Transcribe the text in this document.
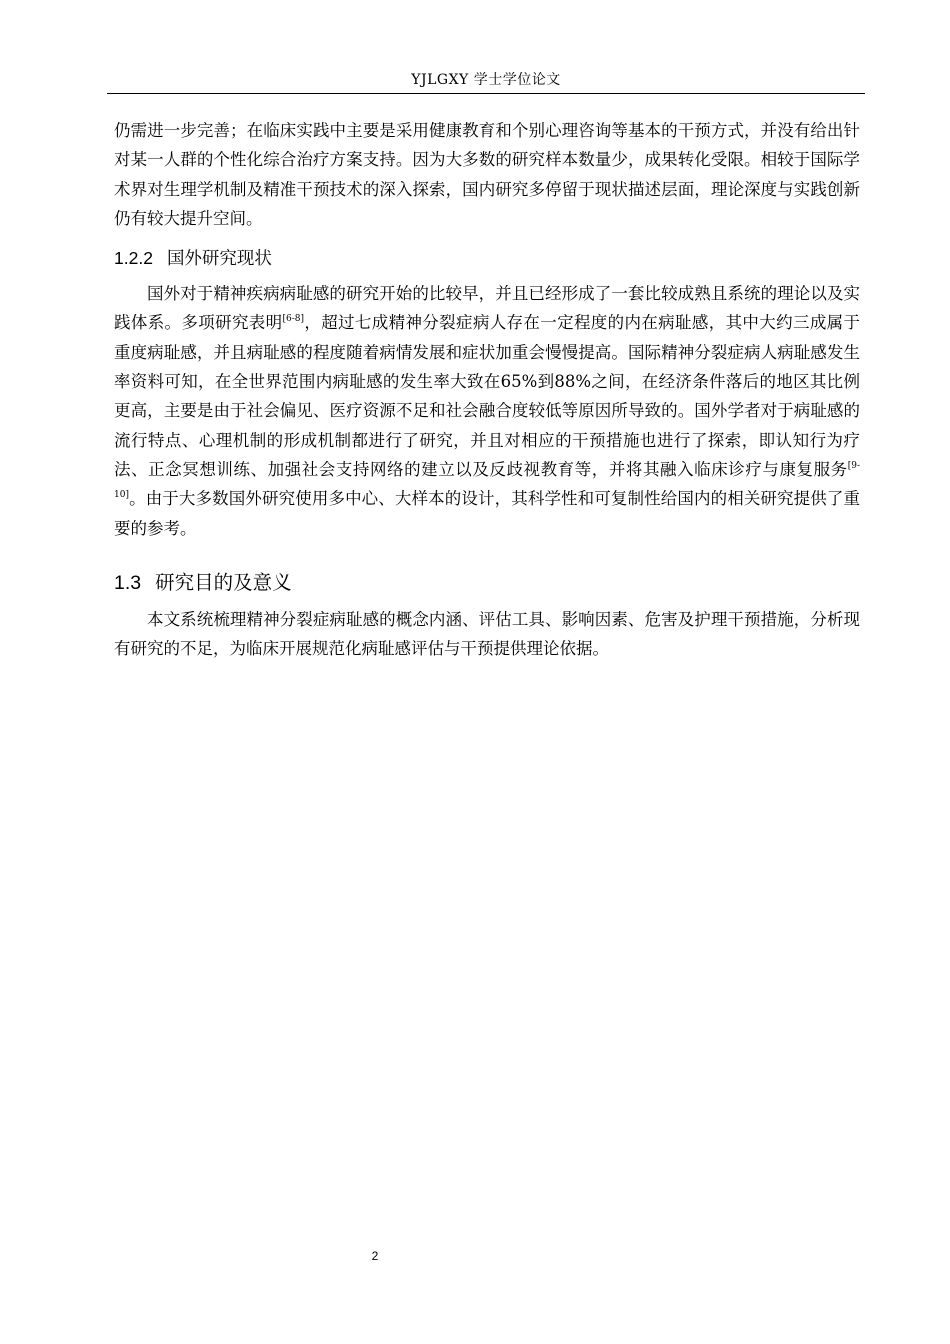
YJLGXY 学士学位论文

仍需进一步完善；在临床实践中主要是采用健康教育和个别心理咨询等基本的干预方式，并没有给出针对某一人群的个性化综合治疗方案支持。因为大多数的研究样本数量少，成果转化受限。相较于国际学术界对生理学机制及精准干预技术的深入探索，国内研究多停留于现状描述层面，理论深度与实践创新仍有较大提升空间。

1.2.2 国外研究现状

国外对于精神疾病病耻感的研究开始的比较早，并且已经形成了一套比较成熟且系统的理论以及实践体系。多项研究表明[6-8]，超过七成精神分裂症病人存在一定程度的内在病耻感，其中大约三成属于重度病耻感，并且病耻感的程度随着病情发展和症状加重会慢慢提高。国际精神分裂症病人病耻感发生率资料可知，在全世界范围内病耻感的发生率大致在65%到88%之间，在经济条件落后的地区其比例更高，主要是由于社会偏见、医疗资源不足和社会融合度较低等原因所导致的。国外学者对于病耻感的流行特点、心理机制的形成机制都进行了研究，并且对相应的干预措施也进行了探索，即认知行为疗法、正念冥想训练、加强社会支持网络的建立以及反歧视教育等，并将其融入临床诊疗与康复服务[9-10]。由于大多数国外研究使用多中心、大样本的设计，其科学性和可复制性给国内的相关研究提供了重要的参考。

1.3 研究目的及意义

本文系统梳理精神分裂症病耻感的概念内涵、评估工具、影响因素、危害及护理干预措施，分析现有研究的不足，为临床开展规范化病耻感评估与干预提供理论依据。

2
